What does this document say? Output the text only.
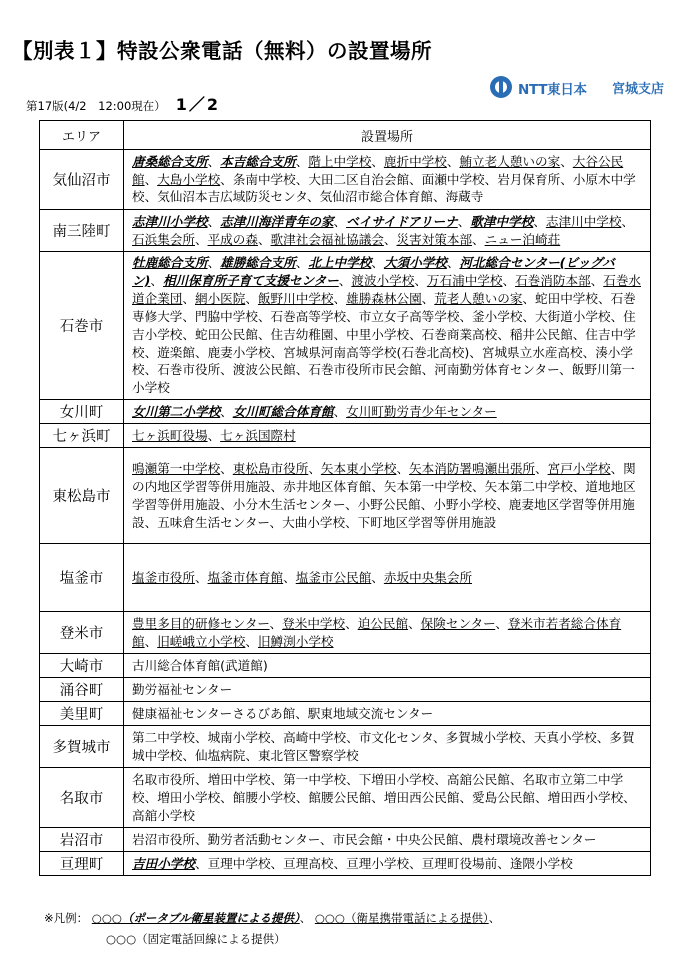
【別表１】特設公衆電話（無料）の設置場所
第17版(4/2　12:00現在） 1／2
NTT東日本 宮城支店
エリア	設置場所
気仙沼市	唐桑総合支所、本吉総合支所、階上中学校、鹿折中学校、鮪立老人憩いの家、大谷公民館、大島小学校、条南中学校、大田二区自治会館、面瀬中学校、岩月保育所、小原木中学校、気仙沼本吉広域防災センタ、気仙沼市総合体育館、海蔵寺
南三陸町	志津川小学校、志津川海洋青年の家、ベイサイドアリーナ、歌津中学校、志津川中学校、石浜集会所、平成の森、歌津社会福祉協議会、災害対策本部、ニュー泊崎荘
石巻市	牡鹿総合支所、雄勝総合支所、北上中学校、大須小学校、河北総合センター(ビッグバン)、相川保育所子育て支援センター、渡波小学校、万石浦中学校、石巻消防本部、石巻水道企業団、網小医院、飯野川中学校、雄勝森林公園、荒老人憩いの家、蛇田中学校、石巻専修大学、門脇中学校、石巻高等学校、市立女子高等学校、釜小学校、大街道小学校、住吉小学校、蛇田公民館、住吉幼稚園、中里小学校、石巻商業高校、稲井公民館、住吉中学校、遊楽館、鹿妻小学校、宮城県河南高等学校(石巻北高校)、宮城県立水産高校、湊小学校、石巻市役所、渡波公民館、石巻市役所市民会館、河南勤労体育センター、飯野川第一小学校
女川町	女川第二小学校、女川町総合体育館、女川町勤労青少年センター
七ヶ浜町	七ヶ浜町役場、七ヶ浜国際村
東松島市	鳴瀬第一中学校、東松島市役所、矢本東小学校、矢本消防署鳴瀬出張所、宮戸小学校、関の内地区学習等併用施設、赤井地区体育館、矢本第一中学校、矢本第二中学校、道地地区学習等併用施設、小分木生活センター、小野公民館、小野小学校、鹿妻地区学習等併用施設、五味倉生活センター、大曲小学校、下町地区学習等併用施設
塩釜市	塩釜市役所、塩釜市体育館、塩釜市公民館、赤坂中央集会所
登米市	豊里多目的研修センター、登米中学校、迫公民館、保険センター、登米市若者総合体育館、旧嵯峨立小学校、旧鱒渕小学校
大崎市	古川総合体育館(武道館)
涌谷町	勤労福祉センター
美里町	健康福祉センターさるびあ館、駅東地域交流センター
多賀城市	第二中学校、城南小学校、高崎中学校、市文化センタ、多賀城小学校、天真小学校、多賀城中学校、仙塩病院、東北管区警察学校
名取市	名取市役所、増田中学校、第一中学校、下増田小学校、高舘公民館、名取市立第二中学校、増田小学校、館腰小学校、館腰公民館、増田西公民館、愛島公民館、増田西小学校、高舘小学校
岩沼市	岩沼市役所、勤労者活動センター、市民会館・中央公民館、農村環境改善センター
亘理町	吉田小学校、亘理中学校、亘理高校、亘理小学校、亘理町役場前、逢隈小学校
※凡例： ○○○（ポータブル衛星装置による提供）、 ○○○（衛星携帯電話による提供）、
○○○（固定電話回線による提供）
